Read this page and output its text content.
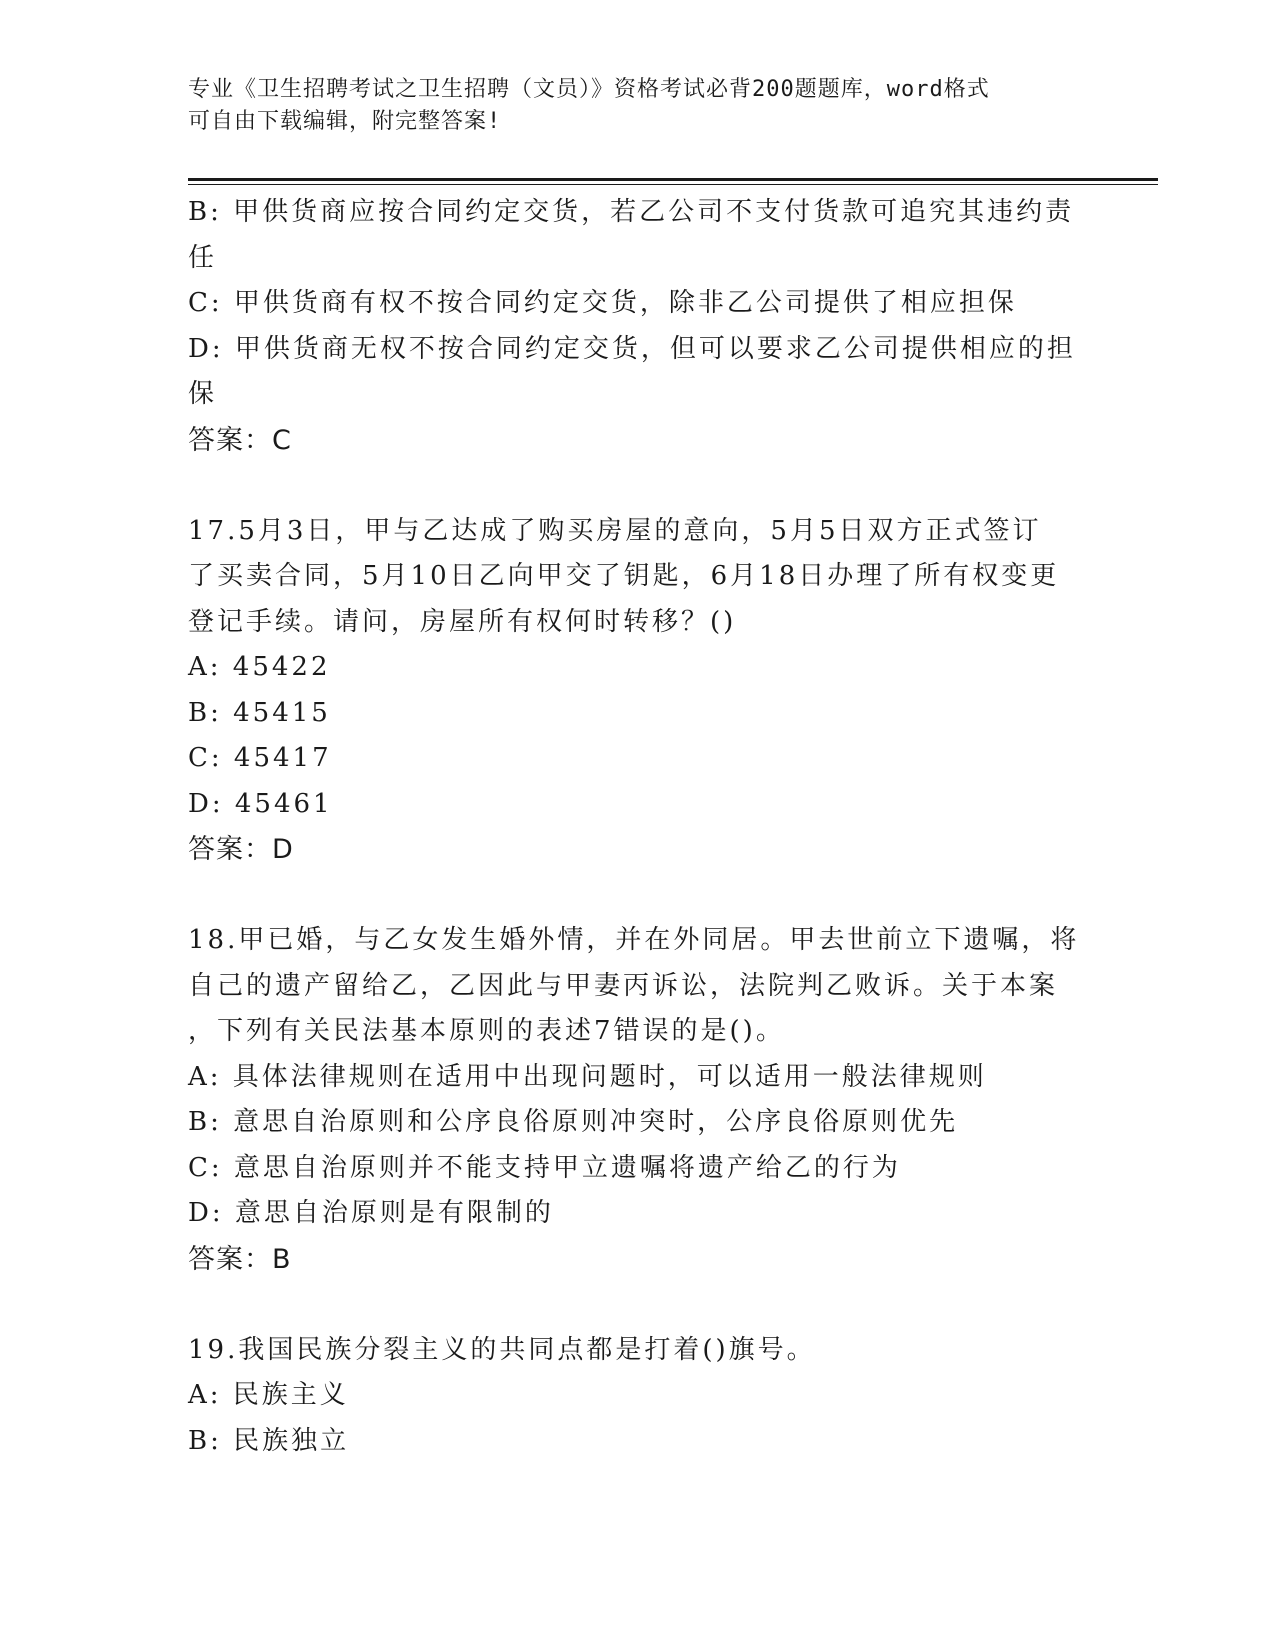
专业《卫生招聘考试之卫生招聘（文员）》资格考试必背200题题库，word格式
可自由下载编辑，附完整答案!
B: 甲供货商应按合同约定交货，若乙公司不支付货款可追究其违约责
任
C: 甲供货商有权不按合同约定交货，除非乙公司提供了相应担保
D: 甲供货商无权不按合同约定交货，但可以要求乙公司提供相应的担
保
答案：C
17.5月3日，甲与乙达成了购买房屋的意向，5月5日双方正式签订
了买卖合同，5月10日乙向甲交了钥匙，6月18日办理了所有权变更
登记手续。请问，房屋所有权何时转移？()
A: 45422
B: 45415
C: 45417
D: 45461
答案：D
18.甲已婚，与乙女发生婚外情，并在外同居。甲去世前立下遗嘱，将
自己的遗产留给乙，乙因此与甲妻丙诉讼，法院判乙败诉。关于本案
，下列有关民法基本原则的表述7错误的是()。
A: 具体法律规则在适用中出现问题时，可以适用一般法律规则
B: 意思自治原则和公序良俗原则冲突时，公序良俗原则优先
C: 意思自治原则并不能支持甲立遗嘱将遗产给乙的行为
D: 意思自治原则是有限制的
答案：B
19.我国民族分裂主义的共同点都是打着()旗号。
A: 民族主义
B: 民族独立
